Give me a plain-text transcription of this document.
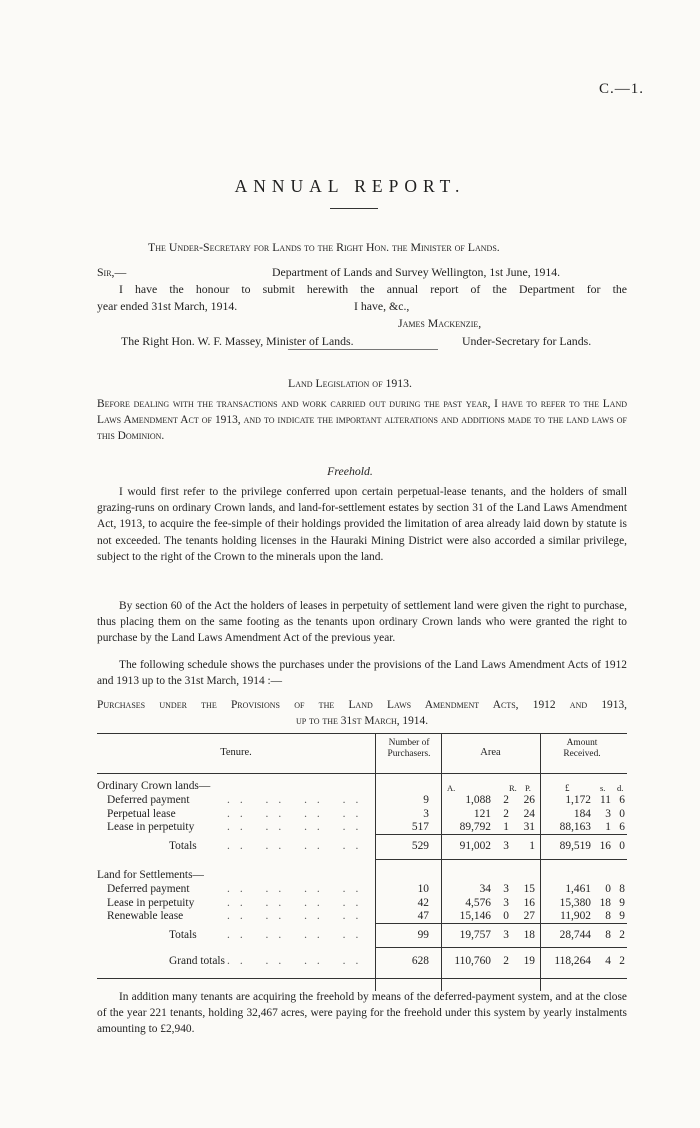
C.—1.
ANNUAL REPORT.
The Under-Secretary for Lands to the Right Hon. the Minister of Lands.
Sir,—	Department of Lands and Survey Wellington, 1st June, 1914.
I have the honour to submit herewith the annual report of the Department for the
year ended 31st March, 1914.	I have, &c.,
James Mackenzie,
The Right Hon. W. F. Massey, Minister of Lands.	Under-Secretary for Lands.
Land Legislation of 1913.

Before dealing with the transactions and work carried out during the past year, I have to refer to the Land Laws Amendment Act of 1913, and to indicate the important alterations and additions made to the land laws of this Dominion.

Freehold.

I would first refer to the privilege conferred upon certain perpetual-lease tenants, and the holders of small grazing-runs on ordinary Crown lands, and land-for-settlement estates by section 31 of the Land Laws Amendment Act, 1913, to acquire the fee-simple of their holdings provided the limitation of area already laid down by statute is not exceeded. The tenants holding licenses in the Hauraki Mining District were also accorded a similar privilege, subject to the right of the Crown to the minerals upon the land.

By section 60 of the Act the holders of leases in perpetuity of settlement land were given the right to purchase, thus placing them on the same footing as the tenants upon ordinary Crown lands who were granted the right to purchase by the Land Laws Amendment Act of the previous year.

The following schedule shows the purchases under the provisions of the Land Laws Amendment Acts of 1912 and 1913 up to the 31st March, 1914 :—

Purchases under the Provisions of the Land Laws Amendment Acts, 1912 and 1913,
up to the 31st March, 1914.
Tenure.
Number of Purchasers.	Area
Amount Received.
A.	R. P.	£	s. d.
Ordinary Crown lands—
Deferred payment	.. .. .. ..	9	1,088	2	26	1,172 11 6
Perpetual lease	.. .. .. ..	3	121	2	24	184	3 0
Lease in perpetuity	.. .. .. ..	517	89,792	1	31	88,163	1 6
Totals	.. .. .. ..	529	91,002	3	1	89,519 16 0
Land for Settlements—
Deferred payment	.. .. .. ..	10	34	3	15	1,461	0 8
Lease in perpetuity	.. .. .. ..	42	4,576	3	16	15,380 18 9
Renewable lease	.. .. .. ..	47	15,146	0	27	11,902	8 9
Totals	.. .. .. ..	99	19,757	3	18	28,744	8 2
Grand totals .. .. .. ..	628	110,760	2	19	118,264	4 2

In addition many tenants are acquiring the freehold by means of the deferred-payment system, and at the close of the year 221 tenants, holding 32,467 acres, were paying for the freehold under this system by yearly instalments amounting to £2,940.
